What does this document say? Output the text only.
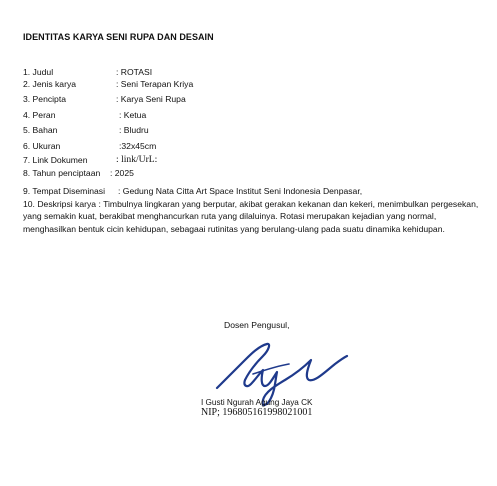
IDENTITAS KARYA SENI RUPA DAN DESAIN
1. Judul	: ROTASI
2. Jenis karya	: Seni Terapan Kriya
3. Pencipta	: Karya Seni Rupa
4. Peran	: Ketua
5. Bahan	: Bludru
6. Ukuran	:32x45cm
7. Link Dokumen	: link/UrL:
8. Tahun penciptaan : 2025
9. Tempat Diseminasi : Gedung Nata Citta Art Space Institut Seni Indonesia Denpasar,
10. Deskripsi karya : Timbulnya lingkaran yang berputar, akibat gerakan kekanan dan kekeri, menimbulkan pergesekan, yang semakin kuat, berakibat menghancurkan ruta yang dilaluinya. Rotasi merupakan kejadian yang normal, menghasilkan bentuk cicin kehidupan, sebagaai rutinitas yang berulang-ulang pada suatu dinamika kehidupan.
Dosen Pengusul,
I Gusti Ngurah Agung Jaya CK
NIP; 196805161998021001
